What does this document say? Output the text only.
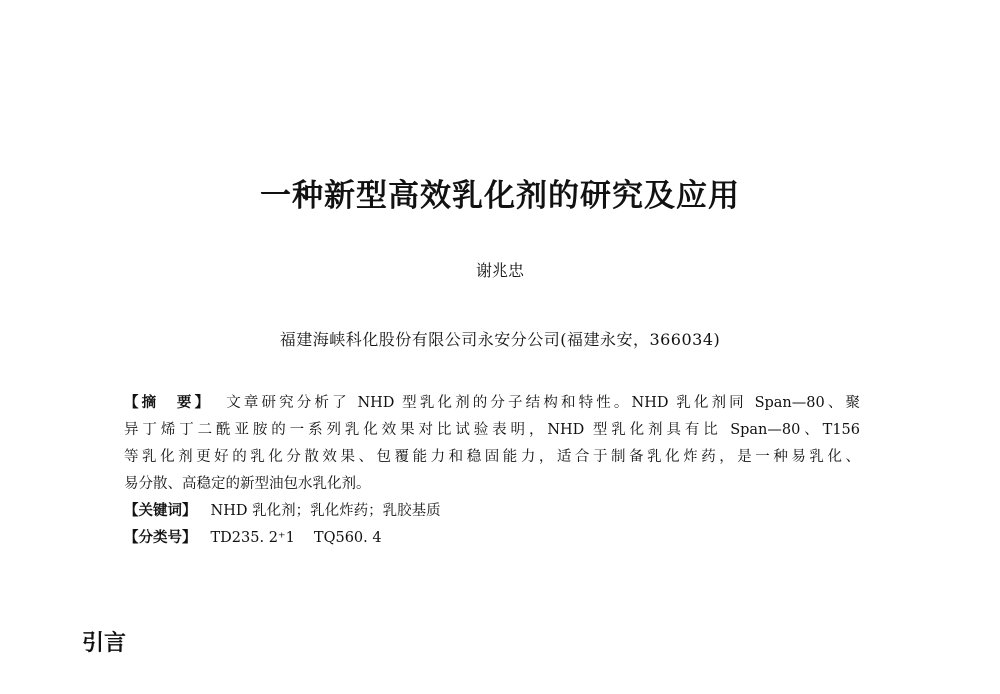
一种新型高效乳化剂的研究及应用
谢兆忠
福建海峡科化股份有限公司永安分公司(福建永安，366034)
【摘　要】 文章研究分析了 NHD 型乳化剂的分子结构和特性。NHD 乳化剂同 Span—80、聚
异丁烯丁二酰亚胺的一系列乳化效果对比试验表明，NHD 型乳化剂具有比 Span—80、T156
等乳化剂更好的乳化分散效果、包覆能力和稳固能力，适合于制备乳化炸药，是一种易乳化、
易分散、高稳定的新型油包水乳化剂。
【关键词】 NHD 乳化剂；乳化炸药；乳胶基质
【分类号】 TD235. 2⁺1　 TQ560. 4
引言
